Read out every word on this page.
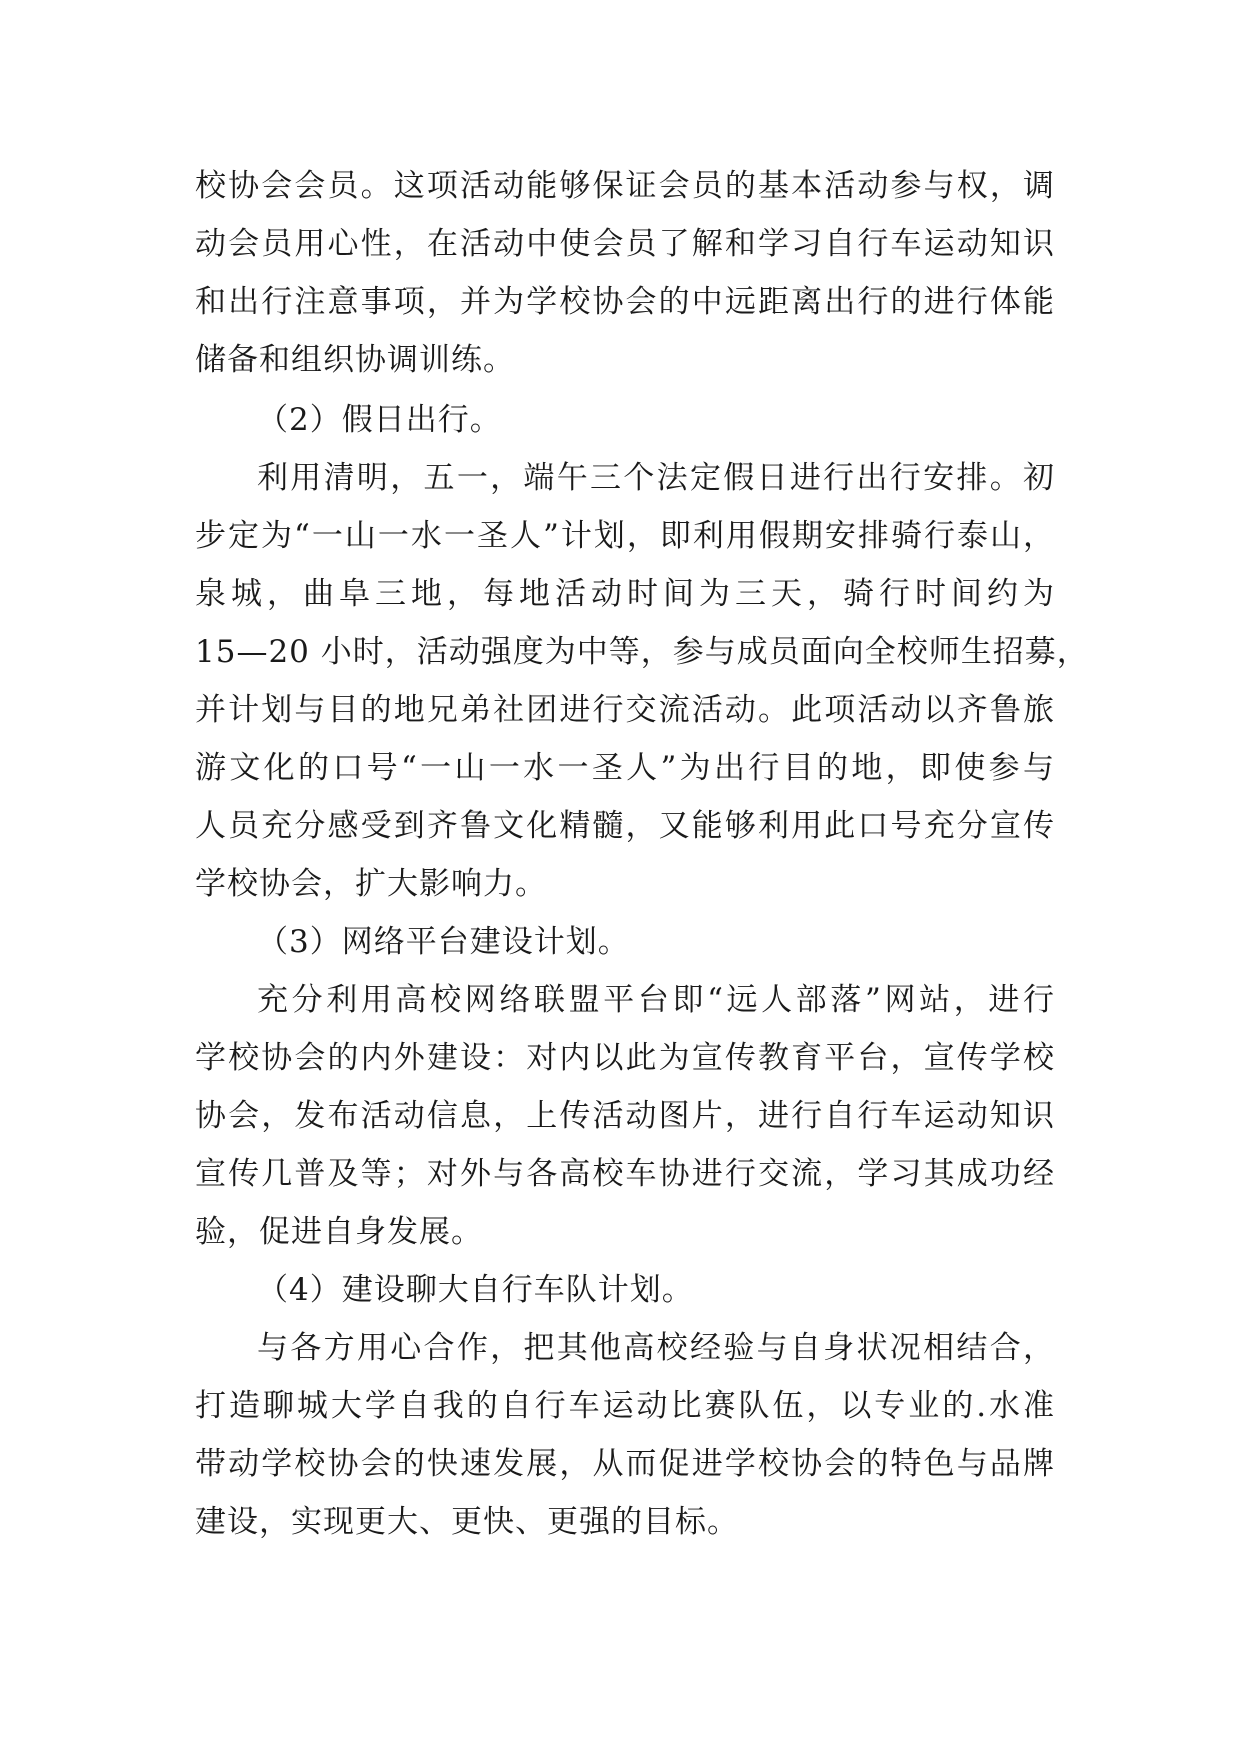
校协会会员。这项活动能够保证会员的基本活动参与权，调
动会员用心性，在活动中使会员了解和学习自行车运动知识
和出行注意事项，并为学校协会的中远距离出行的进行体能
储备和组织协调训练。
（2）假日出行。
利用清明，五一，端午三个法定假日进行出行安排。初
步定为“一山一水一圣人”计划，即利用假期安排骑行泰山，
泉城，曲阜三地，每地活动时间为三天，骑行时间约为
15—20 小时，活动强度为中等，参与成员面向全校师生招募，
并计划与目的地兄弟社团进行交流活动。此项活动以齐鲁旅
游文化的口号“一山一水一圣人”为出行目的地，即使参与
人员充分感受到齐鲁文化精髓，又能够利用此口号充分宣传
学校协会，扩大影响力。
（3）网络平台建设计划。
充分利用高校网络联盟平台即“远人部落”网站，进行
学校协会的内外建设：对内以此为宣传教育平台，宣传学校
协会，发布活动信息，上传活动图片，进行自行车运动知识
宣传几普及等；对外与各高校车协进行交流，学习其成功经
验，促进自身发展。
（4）建设聊大自行车队计划。
与各方用心合作，把其他高校经验与自身状况相结合，
打造聊城大学自我的自行车运动比赛队伍，以专业的.水准
带动学校协会的快速发展，从而促进学校协会的特色与品牌
建设，实现更大、更快、更强的目标。
